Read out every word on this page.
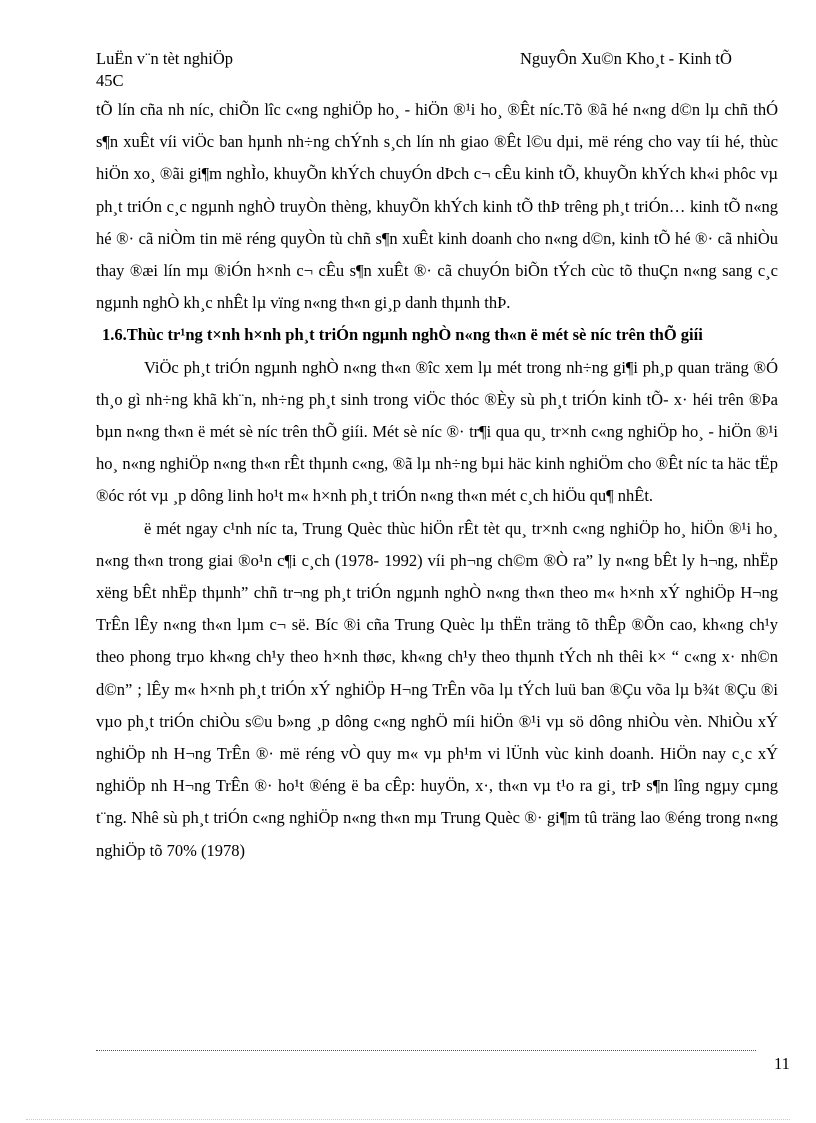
LuËn v¨n tèt nghiÖp
45C
NguyÔn Xu©n Kho¸t - Kinh tÕ

tÕ lín cña nh níc, chiÕn lîc c«ng nghiÖp ho¸ - hiÖn ®¹i ho¸ ®Êt níc.Tõ ®ã hé n«ng d©n lµ chñ thÓ s¶n xuÊt víi viÖc ban hµnh nh÷ng chÝnh s¸ch lín nh giao ®Êt l©u dµi, më réng cho vay tíi hé, thùc hiÖn xo¸ ®ãi gi¶m nghÌo, khuyÕn khÝch chuyÓn dÞch c¬ cÊu kinh tÕ, khuyÕn khÝch kh«i phôc vµ ph¸t triÓn c¸c ngµnh nghÒ truyÒn thèng, khuyÕn khÝch kinh tÕ thÞ trêng ph¸t triÓn… kinh tÕ n«ng hé ®· cã niÒm tin më réng quyÒn tù chñ s¶n xuÊt kinh doanh cho n«ng d©n, kinh tÕ hé ®· cã nhiÒu thay ®æi lín mµ ®iÓn h×nh c¬ cÊu s¶n xuÊt ®· cã chuyÓn biÕn tÝch cùc tõ thuÇn n«ng sang c¸c ngµnh nghÒ kh¸c nhÊt lµ vïng n«ng th«n gi¸p danh thµnh thÞ.

1.6.Thùc tr¹ng t×nh h×nh ph¸t triÓn ngµnh nghÒ n«ng th«n ë mét sè níc trên thÕ giíi

ViÖc ph¸t triÓn ngµnh nghÒ n«ng th«n ®îc xem lµ mét trong nh÷ng gi¶i ph¸p quan träng ®Ó th¸o gì nh÷ng khã kh¨n, nh÷ng ph¸t sinh trong viÖc thóc ®Èy sù ph¸t triÓn kinh tÕ- x· héi trên ®Þa bµn n«ng th«n ë mét sè níc trên thÕ giíi. Mét sè níc ®· tr¶i qua qu¸ tr×nh c«ng nghiÖp ho¸ - hiÖn ®¹i ho¸ n«ng nghiÖp n«ng th«n rÊt thµnh c«ng, ®ã lµ nh÷ng bµi häc kinh nghiÖm cho ®Êt níc ta häc tËp ®óc rót vµ ¸p dông linh ho¹t m« h×nh ph¸t triÓn n«ng th«n mét c¸ch hiÖu qu¶ nhÊt.

ë mét ngay c¹nh níc ta, Trung Quèc thùc hiÖn rÊt tèt qu¸ tr×nh c«ng nghiÖp ho¸ hiÖn ®¹i ho¸ n«ng th«n trong giai ®o¹n c¶i c¸ch (1978- 1992) víi ph¬ng ch©m ®Ò ra” ly n«ng bÊt ly h¬ng, nhËp xëng bÊt nhËp thµnh” chñ tr¬ng ph¸t triÓn ngµnh nghÒ n«ng th«n theo m« h×nh xÝ nghiÖp H¬ng TrÊn lÊy n«ng th«n lµm c¬ së. Bíc ®i cña Trung Quèc lµ thËn träng tõ thÊp ®Õn cao, kh«ng ch¹y theo phong trµo kh«ng ch¹y theo h×nh thøc, kh«ng ch¹y theo thµnh tÝch nh thêi k× “ c«ng x· nh©n d©n” ; lÊy m« h×nh ph¸t triÓn xÝ nghiÖp H¬ng TrÊn võa lµ tÝch luü ban ®Çu võa lµ b¾t ®Çu ®i vµo ph¸t triÓn chiÒu s©u b»ng ¸p dông c«ng nghÖ míi hiÖn ®¹i vµ sö dông nhiÒu vèn. NhiÒu xÝ nghiÖp nh H¬ng TrÊn ®· më réng vÒ quy m« vµ ph¹m vi lÜnh vùc kinh doanh. HiÖn nay c¸c xÝ nghiÖp nh H¬ng TrÊn ®· ho¹t ®éng ë ba cÊp: huyÖn, x·, th«n vµ t¹o ra gi¸ trÞ s¶n lîng ngµy cµng t¨ng. Nhê sù ph¸t triÓn c«ng nghiÖp n«ng th«n mµ Trung Quèc ®· gi¶m tû träng lao ®éng trong n«ng nghiÖp tõ 70% (1978)

11
